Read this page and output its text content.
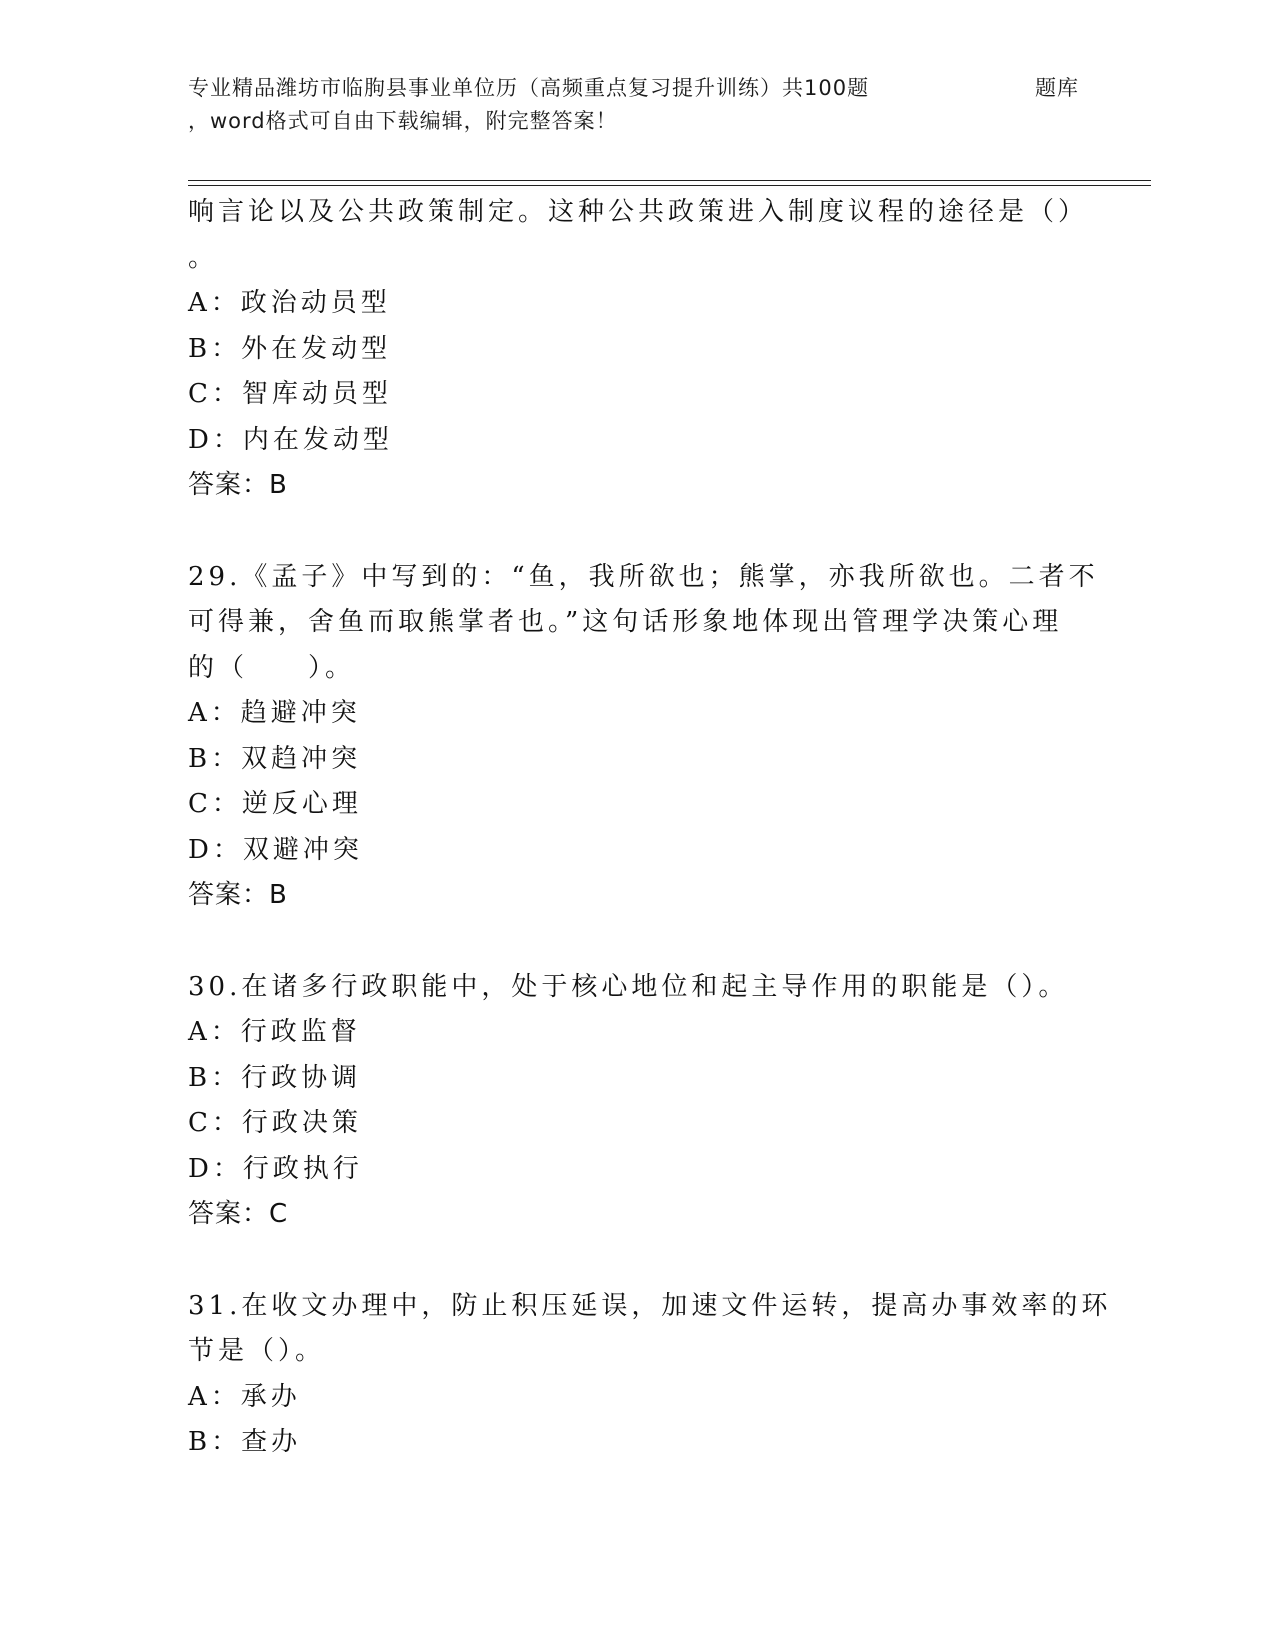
专业精品潍坊市临朐县事业单位历（高频重点复习提升训练）共100题	题库
，word格式可自由下载编辑，附完整答案！
响言论以及公共政策制定。这种公共政策进入制度议程的途径是（）
。
A：政治动员型
B：外在发动型
C：智库动员型
D：内在发动型
答案：B
29.《孟子》中写到的：“鱼，我所欲也；熊掌，亦我所欲也。二者不
可得兼，舍鱼而取熊掌者也。”这句话形象地体现出管理学决策心理
的（　　）。
A：趋避冲突
B：双趋冲突
C：逆反心理
D：双避冲突
答案：B
30.在诸多行政职能中，处于核心地位和起主导作用的职能是（）。
A：行政监督
B：行政协调
C：行政决策
D：行政执行
答案：C
31.在收文办理中，防止积压延误，加速文件运转，提高办事效率的环
节是（）。
A：承办
B：查办
